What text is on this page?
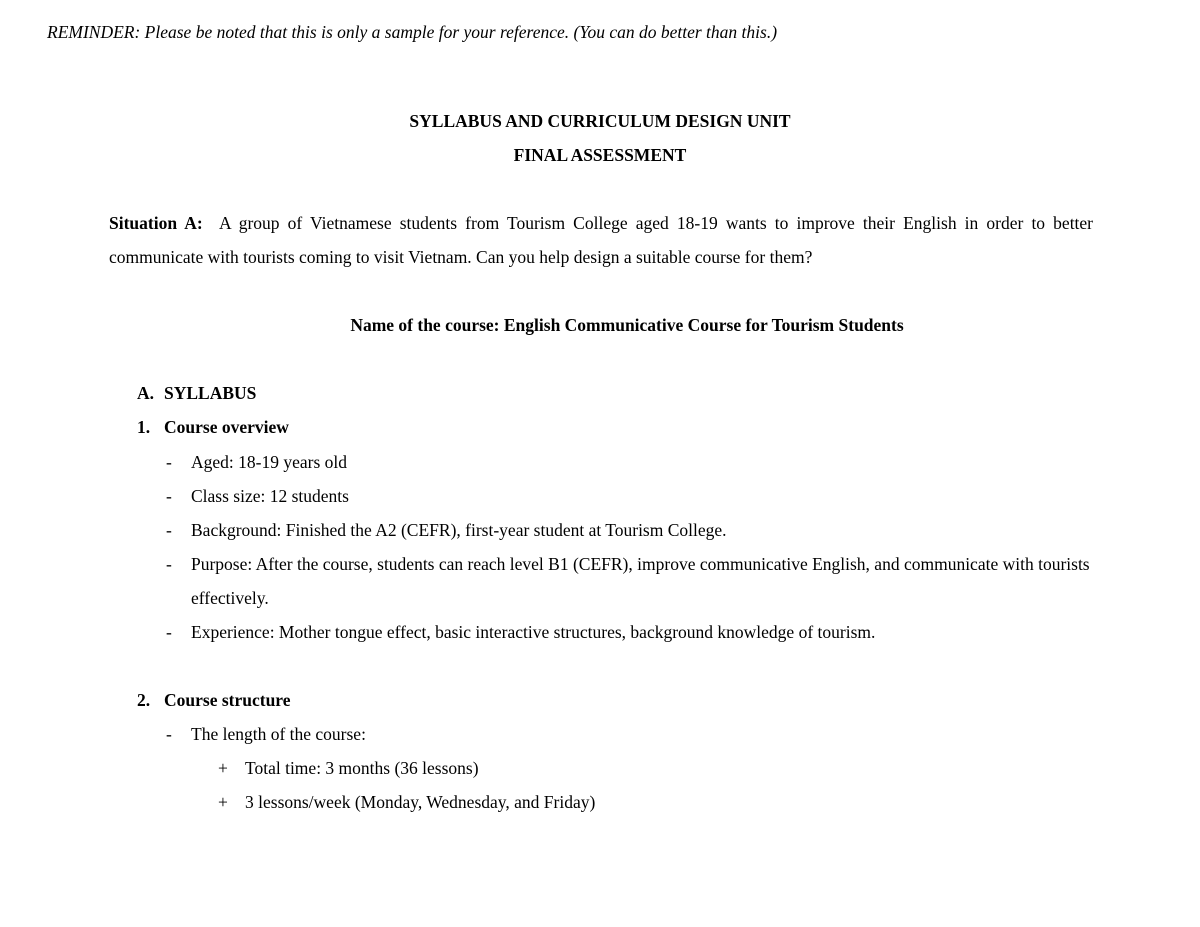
REMINDER: Please be noted that this is only a sample for your reference. (You can do better than this.)
SYLLABUS AND CURRICULUM DESIGN UNIT
FINAL ASSESSMENT
Situation A: A group of Vietnamese students from Tourism College aged 18-19 wants to improve their English in order to better communicate with tourists coming to visit Vietnam. Can you help design a suitable course for them?
Name of the course: English Communicative Course for Tourism Students
A. SYLLABUS
1. Course overview
- Aged: 18-19 years old
- Class size: 12 students
- Background: Finished the A2 (CEFR), first-year student at Tourism College.
- Purpose: After the course, students can reach level B1 (CEFR), improve communicative English, and communicate with tourists effectively.
- Experience: Mother tongue effect, basic interactive structures, background knowledge of tourism.
2. Course structure
- The length of the course:
+ Total time: 3 months (36 lessons)
+ 3 lessons/week (Monday, Wednesday, and Friday)
